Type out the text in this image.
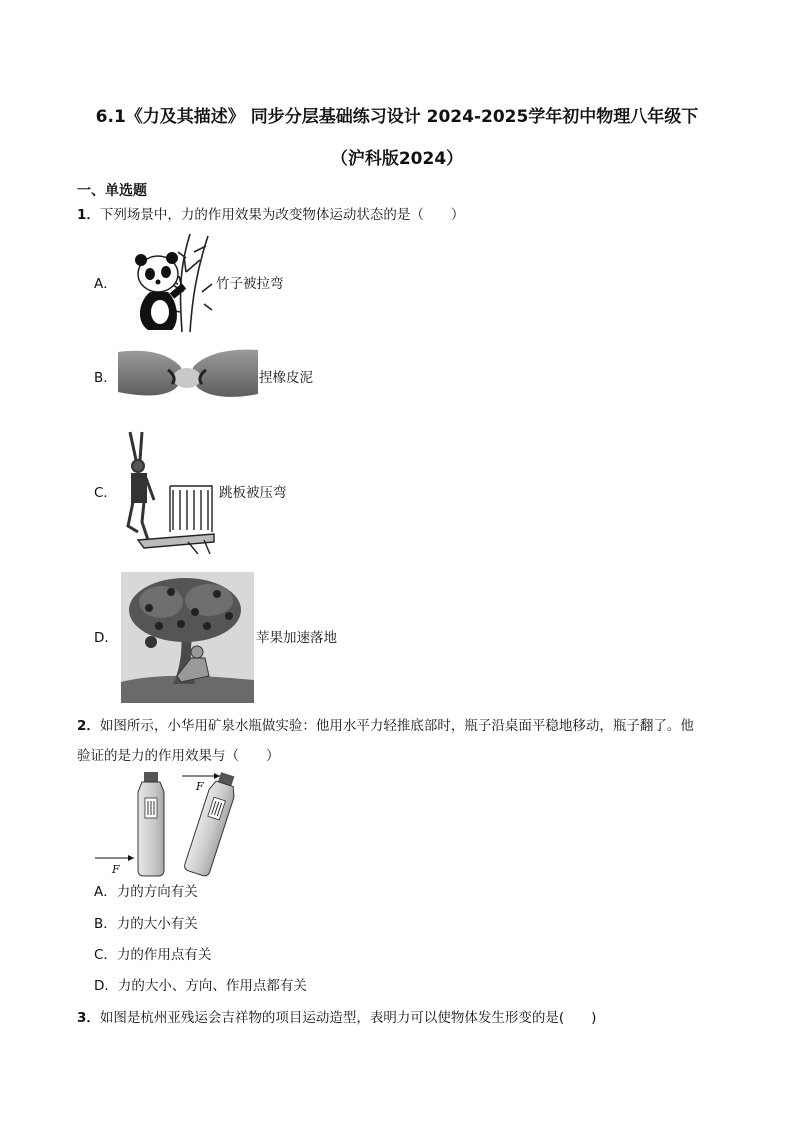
6.1《力及其描述》 同步分层基础练习设计 2024-2025学年初中物理八年级下
（沪科版2024）
一、单选题
1．下列场景中，力的作用效果为改变物体运动状态的是（　　）
A．	竹子被拉弯
B．	捏橡皮泥
C．	跳板被压弯
D．	苹果加速落地
2．如图所示，小华用矿泉水瓶做实验：他用水平力轻推底部时，瓶子沿桌面平稳地移动，瓶子翻了。他
验证的是力的作用效果与（　　）
F
F
A．力的方向有关
B．力的大小有关
C．力的作用点有关
D．力的大小、方向、作用点都有关
3．如图是杭州亚残运会吉祥物的项目运动造型，表明力可以使物体发生形变的是(　　)
